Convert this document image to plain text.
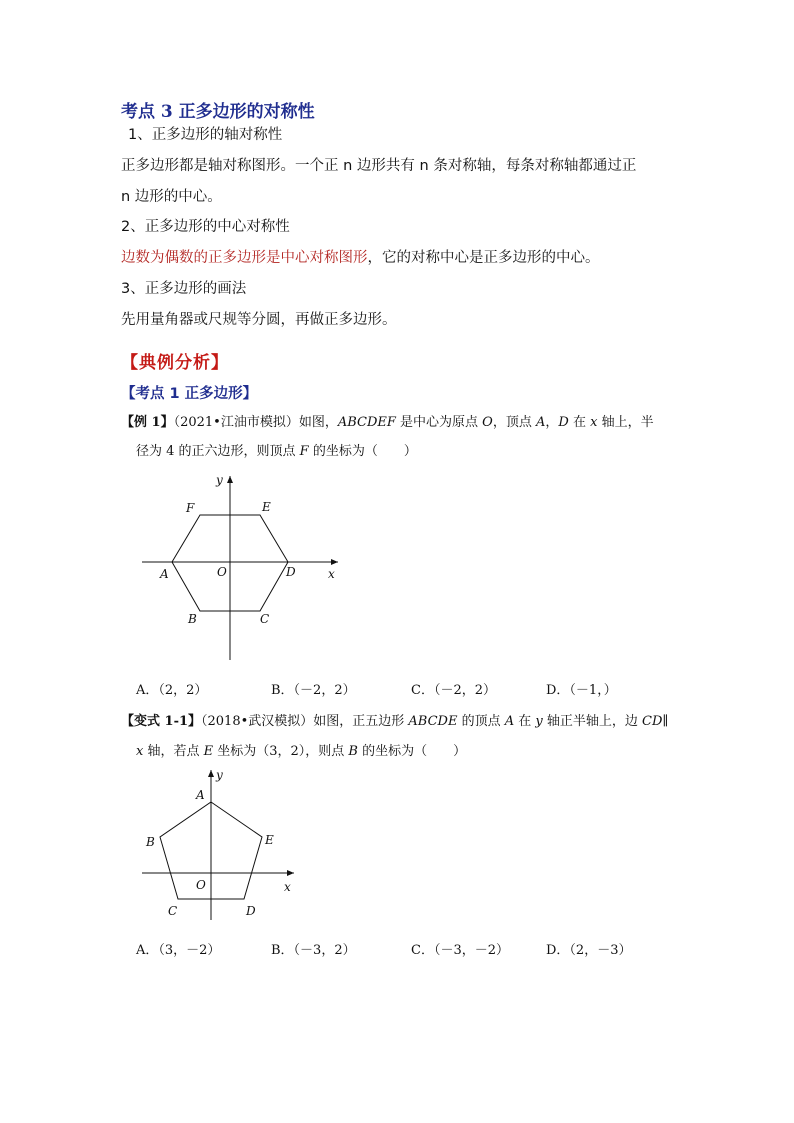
考点 3 正多边形的对称性
1、正多边形的轴对称性
正多边形都是轴对称图形。一个正 n 边形共有 n 条对称轴，每条对称轴都通过正
n 边形的中心。
2、正多边形的中心对称性
边数为偶数的正多边形是中心对称图形，它的对称中心是正多边形的中心。
3、正多边形的画法
先用量角器或尺规等分圆，再做正多边形。
【典例分析】
【考点 1 正多边形】
【例 1】（2021•江油市模拟）如图，ABCDEF 是中心为原点 O，顶点 A，D 在 x 轴上，半
径为 4 的正六边形，则顶点 F 的坐标为（　　）
y
x
F	E
A	O	D
B	C
A．（2，2）	B．（－2，2）	C．（－2，2）	D．（－1，）
【变式 1-1】（2018•武汉模拟）如图，正五边形 ABCDE 的顶点 A 在 y 轴正半轴上，边 CD∥
x 轴，若点 E 坐标为（3，2），则点 B 的坐标为（　　）
y
x
A
B	E
O
C	D
A．（3，－2）	B．（－3，2）	C．（－3，－2）	D．（2，－3）
